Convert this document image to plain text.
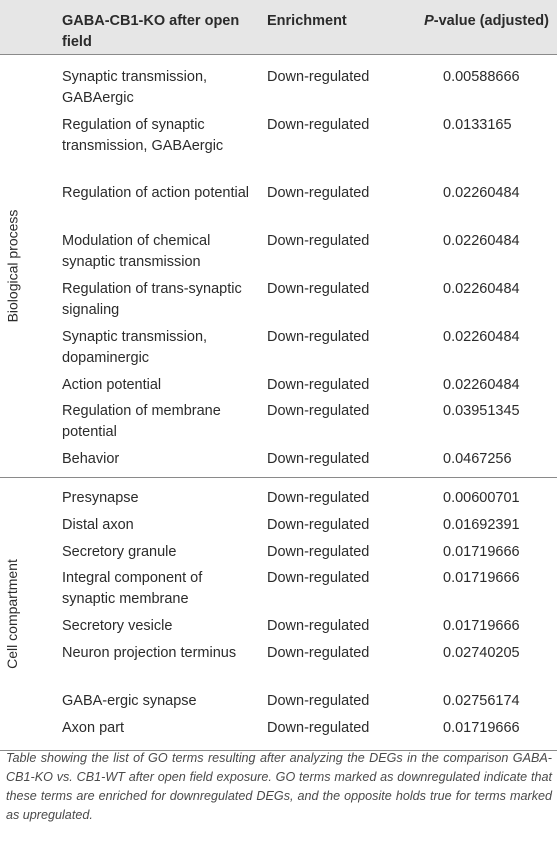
GABA-CB1-KO after open field
Enrichment	P-value (adjusted)
Biological process
Synaptic transmission, GABAergic
Down-regulated	0.00588666
Regulation of synaptic transmission, GABAergic
Down-regulated	0.0133165
Regulation of action potential	Down-regulated	0.02260484
Modulation of chemical synaptic transmission
Down-regulated	0.02260484
Regulation of trans-synaptic signaling
Down-regulated	0.02260484
Synaptic transmission, dopaminergic
Down-regulated	0.02260484
Action potential	Down-regulated	0.02260484
Regulation of membrane potential
Down-regulated	0.03951345
Behavior	Down-regulated	0.0467256
Cell compartment
Presynapse	Down-regulated	0.00600701
Distal axon	Down-regulated	0.01692391
Secretory granule	Down-regulated	0.01719666
Integral component of synaptic membrane
Down-regulated	0.01719666
Secretory vesicle	Down-regulated	0.01719666
Neuron projection terminus	Down-regulated	0.02740205
GABA-ergic synapse	Down-regulated	0.02756174
Axon part	Down-regulated	0.01719666
Table showing the list of GO terms resulting after analyzing the DEGs in the comparison GABA-CB1-KO vs. CB1-WT after open field exposure. GO terms marked as downregulated indicate that these terms are enriched for downregulated DEGs, and the opposite holds true for terms marked as upregulated.
